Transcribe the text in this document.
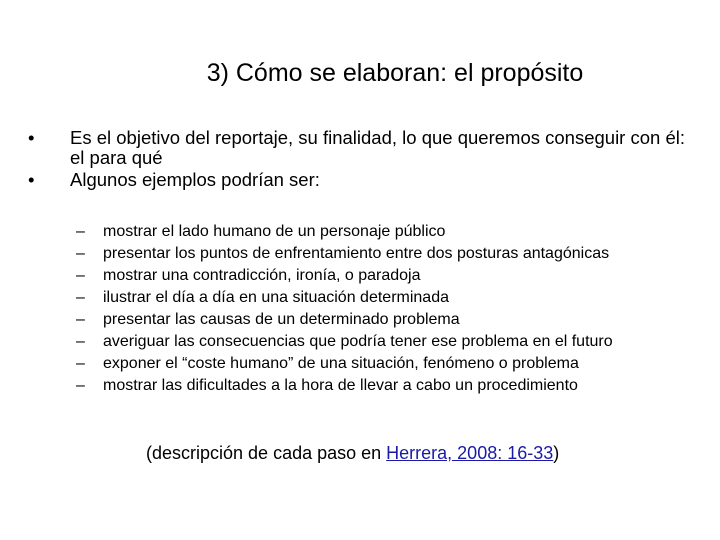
3) Cómo se elaboran: el propósito
• Es el objetivo del reportaje, su finalidad, lo que queremos conseguir con él: el para qué
• Algunos ejemplos podrían ser:
– mostrar el lado humano de un personaje público
– presentar los puntos de enfrentamiento entre dos posturas antagónicas
– mostrar una contradicción, ironía, o paradoja
– ilustrar el día a día en una situación determinada
– presentar las causas de un determinado problema
– averiguar las consecuencias que podría tener ese problema en el futuro
– exponer el “coste humano” de una situación, fenómeno o problema
– mostrar las dificultades a la hora de llevar a cabo un procedimiento
(descripción de cada paso en Herrera, 2008: 16-33)
